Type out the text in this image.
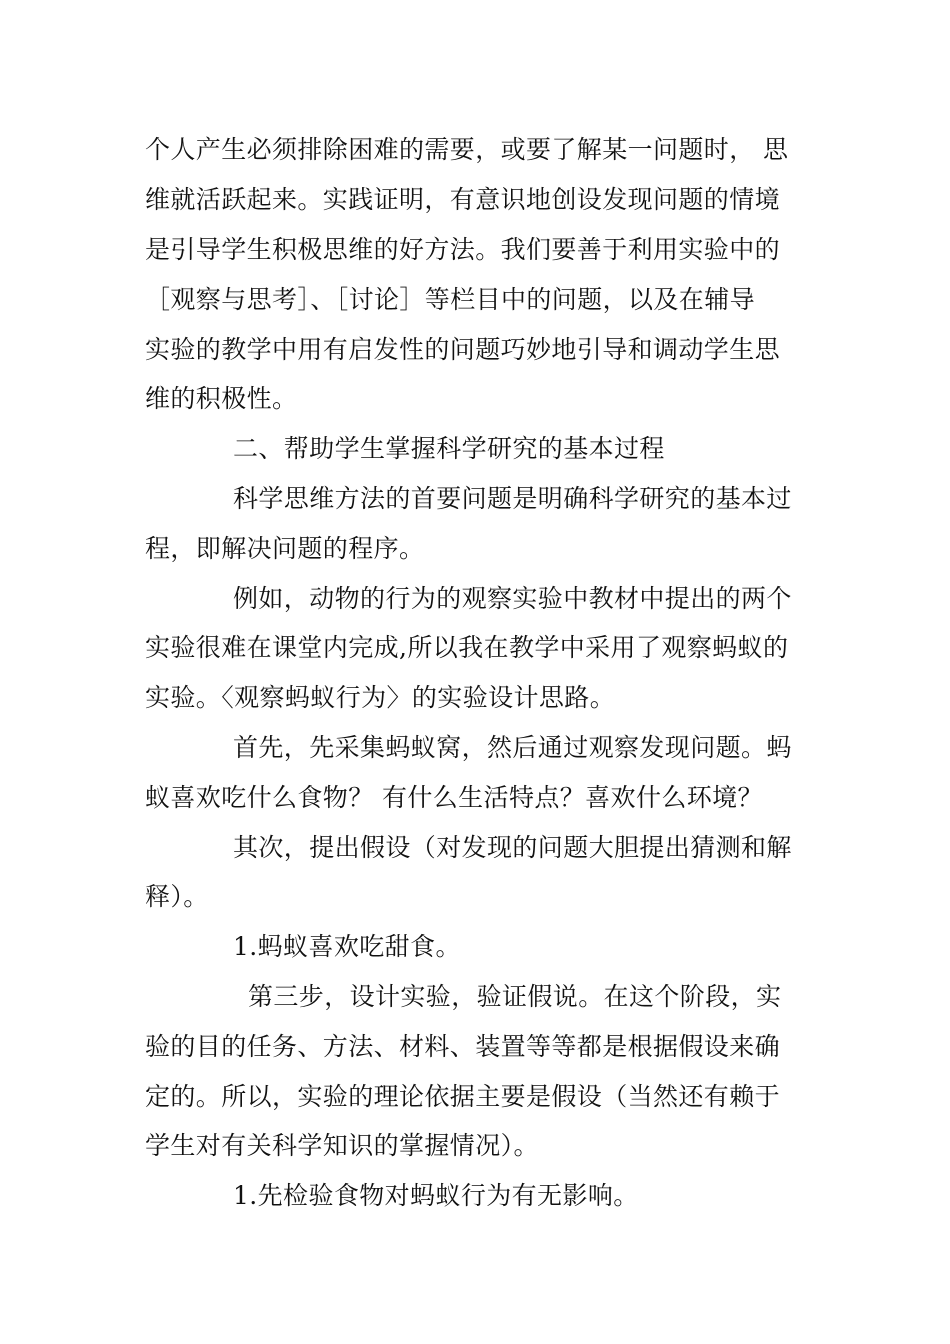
个人产生必须排除困难的需要，或要了解某一问题时， 思
维就活跃起来。实践证明，有意识地创设发现问题的情境
是引导学生积极思维的好方法。我们要善于利用实验中的
［观察与思考］、［讨论］等栏目中的问题，以及在辅导
实验的教学中用有启发性的问题巧妙地引导和调动学生思
维的积极性。
二、帮助学生掌握科学研究的基本过程
科学思维方法的首要问题是明确科学研究的基本过
程，即解决问题的程序。
例如，动物的行为的观察实验中教材中提出的两个
实验很难在课堂内完成,所以我在教学中采用了观察蚂蚁的
实验。〈观察蚂蚁行为〉的实验设计思路。
首先，先采集蚂蚁窝，然后通过观察发现问题。蚂
蚁喜欢吃什么食物？ 有什么生活特点？喜欢什么环境？
其次，提出假设（对发现的问题大胆提出猜测和解
释）。
1.蚂蚁喜欢吃甜食。
第三步，设计实验，验证假说。在这个阶段，实
验的目的任务、方法、材料、装置等等都是根据假设来确
定的。所以，实验的理论依据主要是假设（当然还有赖于
学生对有关科学知识的掌握情况）。
1.先检验食物对蚂蚁行为有无影响。
